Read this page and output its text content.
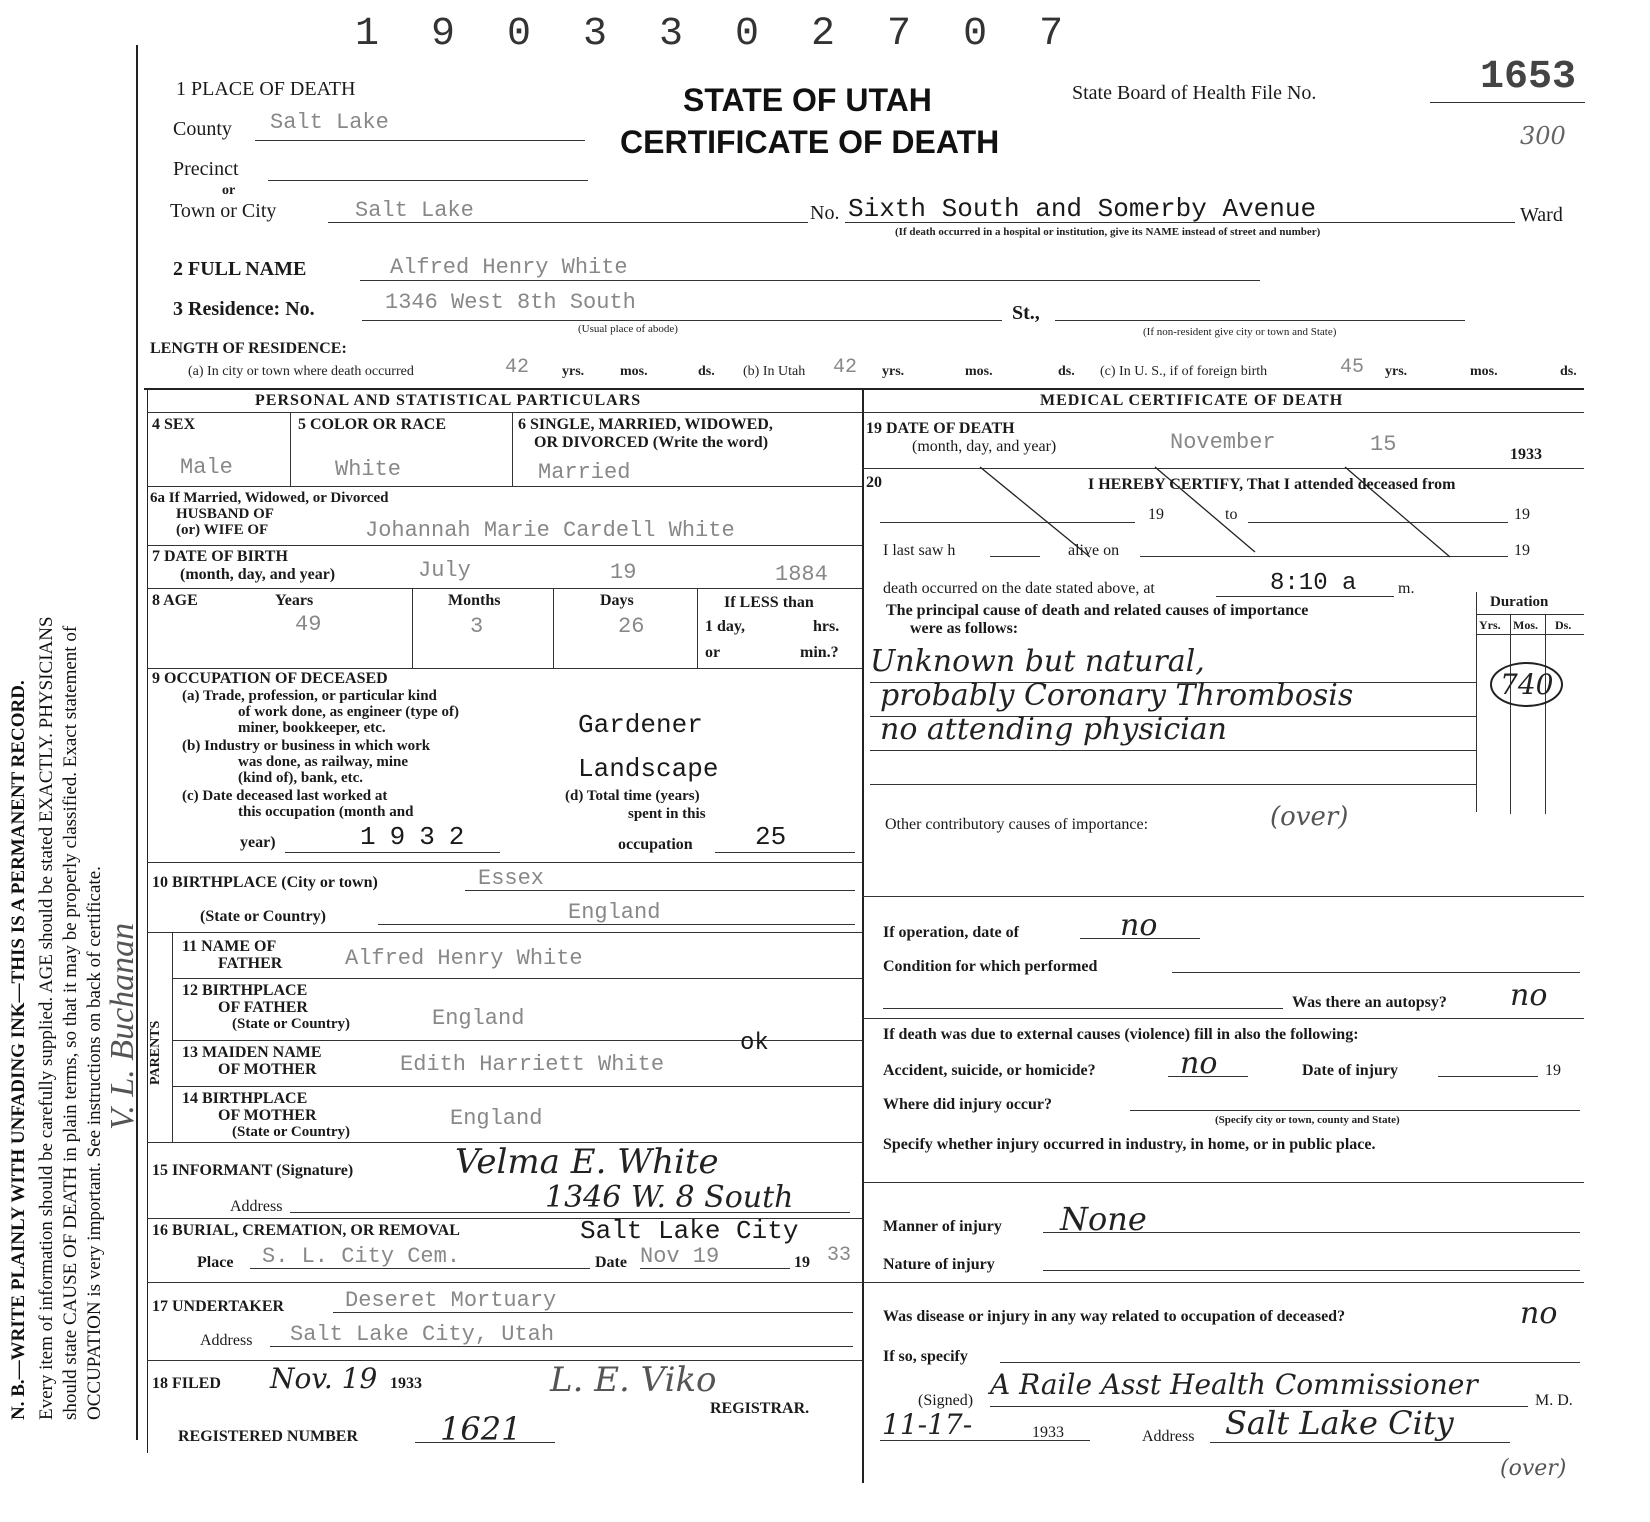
1 9 0 3 3 0 2 7 0 7
N. B.—WRITE PLAINLY WITH UNFADING INK—THIS IS A PERMANENT RECORD. Every item of information should be carefully supplied. AGE should be stated EXACTLY. PHYSICIANS should state CAUSE OF DEATH in plain terms, so that it may be properly classified. Exact statement of OCCUPATION is very important. See instructions on back of certificate. V. L. Buchanan
STATE OF UTAH
CERTIFICATE OF DEATH
State Board of Health File No.	1653
300
1 PLACE OF DEATH
County Salt Lake
Precinct
or
Town or City	Salt Lake	No. Sixth South and Somerby Avenue	Ward
(If death occurred in a hospital or institution, give its NAME instead of street and number)
2 FULL NAME	Alfred Henry White
3 Residence: No.	1346 West 8th South	St.,
(Usual place of abode)	(If non-resident give city or town and State)
LENGTH OF RESIDENCE:
(a) In city or town where death occurred	42 yrs.	mos.	ds. (b) In Utah 42 yrs.	mos.	ds. (c) In U. S., if of foreign birth	45 yrs.	mos.	ds.
PERSONAL AND STATISTICAL PARTICULARS
4 SEX	5 COLOR OR RACE	6 SINGLE, MARRIED, WIDOWED,
OR DIVORCED (Write the word)
Male	White	Married
6a If Married, Widowed, or Divorced
HUSBAND OF
(or) WIFE OF	Johannah Marie Cardell White
7 DATE OF BIRTH
(month, day, and year)	July	19	1884
8 AGE	Years	Months	Days	If LESS than
1 day,	hrs.
or	min.?
49	3	26
9 OCCUPATION OF DECEASED
(a) Trade, profession, or particular kind
of work done, as engineer (type of)
miner, bookkeeper, etc.	Gardener
(b) Industry or business in which work
was done, as railway, mine
(kind of), bank, etc.	Landscape
(c) Date deceased last worked at
this occupation (month and
year)	1932
(d) Total time (years)
spent in this
occupation 25
10 BIRTHPLACE (City or town)	Essex
(State or Country)	England
PARENTS
11 NAME OF
FATHER	Alfred Henry White
12 BIRTHPLACE
OF FATHER
(State or Country)	England
13 MAIDEN NAME
OF MOTHER	Edith Harriett White
ok
14 BIRTHPLACE
OF MOTHER
(State or Country)
England
15 INFORMANT (Signature)	Velma E. White
Address	1346 W. 8 South
16 BURIAL, CREMATION, OR REMOVAL	Salt Lake City
Place S. L. City Cem.	Date Nov 19	19 33
17 UNDERTAKER	Deseret Mortuary
Address Salt Lake City, Utah
18 FILED Nov. 19 1933	L. E. Viko
REGISTRAR.
REGISTERED NUMBER	1621
MEDICAL CERTIFICATE OF DEATH
19 DATE OF DEATH
(month, day, and year)	November	15	1933
20	I HEREBY CERTIFY, That I attended deceased from
19	to	19
I last saw h	alive on	19
death occurred on the date stated above, at	8:10 a	m.
The principal cause of death and related causes of importance
were as follows:
Duration
Yrs. Mos. Ds.
Unknown but natural,
probably Coronary Thrombosis
no attending physician
740
Other contributory causes of importance:	(over)
If operation, date of	no
Condition for which performed
Was there an autopsy? no
If death was due to external causes (violence) fill in also the following:
Accident, suicide, or homicide?	no	Date of injury	19
Where did injury occur?
(Specify city or town, county and State)
Specify whether injury occurred in industry, in home, or in public place.
Manner of injury None
Nature of injury
Was disease or injury in any way related to occupation of deceased?	no
If so, specify
(Signed) A Raile Asst Health Commissioner	M. D.
11-17-	1933	Address Salt Lake City
(over)
